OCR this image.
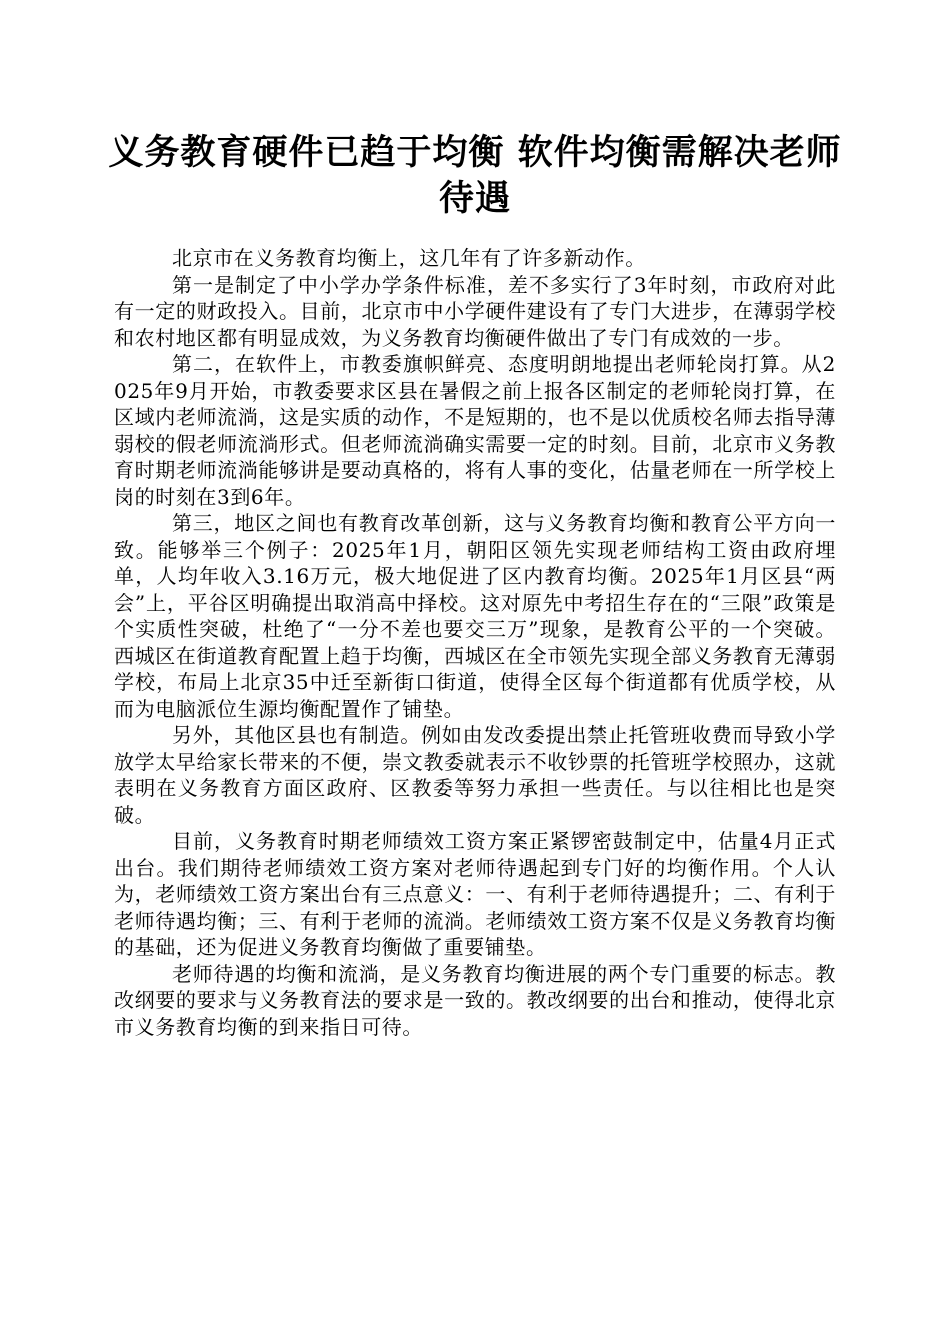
义务教育硬件已趋于均衡 软件均衡需解决老师待遇

北京市在义务教育均衡上，这几年有了许多新动作。

第一是制定了中小学办学条件标准，差不多实行了3年时刻，市政府对此有一定的财政投入。目前，北京市中小学硬件建设有了专门大进步，在薄弱学校和农村地区都有明显成效，为义务教育均衡硬件做出了专门有成效的一步。

第二，在软件上，市教委旗帜鲜亮、态度明朗地提出老师轮岗打算。从2025年9月开始，市教委要求区县在暑假之前上报各区制定的老师轮岗打算，在区域内老师流淌，这是实质的动作，不是短期的，也不是以优质校名师去指导薄弱校的假老师流淌形式。但老师流淌确实需要一定的时刻。目前，北京市义务教育时期老师流淌能够讲是要动真格的，将有人事的变化，估量老师在一所学校上岗的时刻在3到6年。

第三，地区之间也有教育改革创新，这与义务教育均衡和教育公平方向一致。能够举三个例子：2025年1月，朝阳区领先实现老师结构工资由政府埋单，人均年收入3.16万元，极大地促进了区内教育均衡。2025年1月区县“两会”上，平谷区明确提出取消高中择校。这对原先中考招生存在的“三限”政策是个实质性突破，杜绝了“一分不差也要交三万”现象，是教育公平的一个突破。西城区在街道教育配置上趋于均衡，西城区在全市领先实现全部义务教育无薄弱学校，布局上北京35中迁至新街口街道，使得全区每个街道都有优质学校，从而为电脑派位生源均衡配置作了铺垫。

另外，其他区县也有制造。例如由发改委提出禁止托管班收费而导致小学放学太早给家长带来的不便，崇文教委就表示不收钞票的托管班学校照办，这就表明在义务教育方面区政府、区教委等努力承担一些责任。与以往相比也是突破。

目前，义务教育时期老师绩效工资方案正紧锣密鼓制定中，估量4月正式出台。我们期待老师绩效工资方案对老师待遇起到专门好的均衡作用。个人认为，老师绩效工资方案出台有三点意义：一、有利于老师待遇提升；二、有利于老师待遇均衡；三、有利于老师的流淌。老师绩效工资方案不仅是义务教育均衡的基础，还为促进义务教育均衡做了重要铺垫。

老师待遇的均衡和流淌，是义务教育均衡进展的两个专门重要的标志。教改纲要的要求与义务教育法的要求是一致的。教改纲要的出台和推动，使得北京市义务教育均衡的到来指日可待。
